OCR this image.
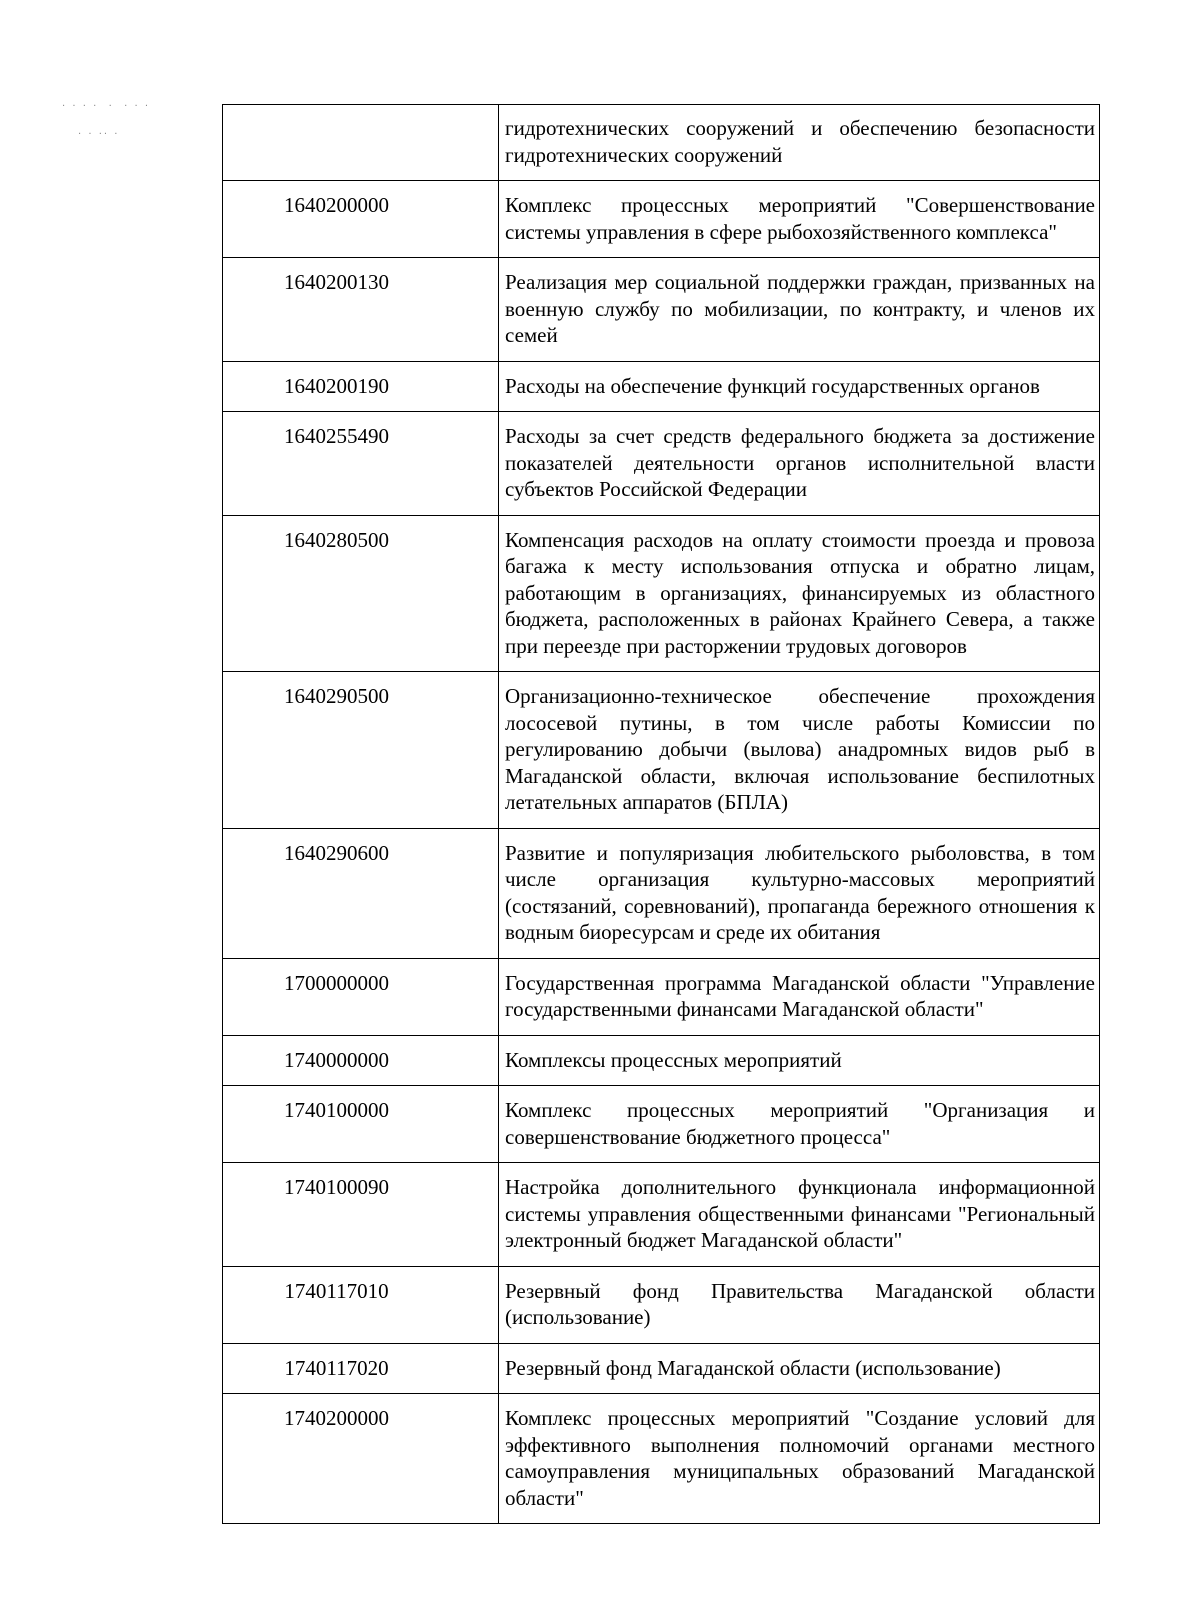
. . . .  .  . . .
. . .. .
		гидротехнических сооружений и обеспечению безопасности гидротехнических сооружений
1640200000	Комплекс процессных мероприятий "Совершенствование системы управления в сфере рыбохозяйственного комплекса"
1640200130	Реализация мер социальной поддержки граждан, призванных на военную службу по мобилизации, по контракту, и членов их семей
1640200190	Расходы на обеспечение функций государственных органов
1640255490	Расходы за счет средств федерального бюджета за достижение показателей деятельности органов исполнительной власти субъектов Российской Федерации
1640280500	Компенсация расходов на оплату стоимости проезда и провоза багажа к месту использования отпуска и обратно лицам, работающим в организациях, финансируемых из областного бюджета, расположенных в районах Крайнего Севера, а также при переезде при расторжении трудовых договоров
1640290500	Организационно-техническое обеспечение прохождения лососевой путины, в том числе работы Комиссии по регулированию добычи (вылова) анадромных видов рыб в Магаданской области, включая использование беспилотных летательных аппаратов (БПЛА)
1640290600	Развитие и популяризация любительского рыболовства, в том числе организация культурно-массовых мероприятий (состязаний, соревнований), пропаганда бережного отношения к водным биоресурсам и среде их обитания
1700000000	Государственная программа Магаданской области "Управление государственными финансами Магаданской области"
1740000000	Комплексы процессных мероприятий
1740100000	Комплекс процессных мероприятий "Организация и совершенствование бюджетного процесса"
1740100090	Настройка дополнительного функционала информационной системы управления общественными финансами "Региональный электронный бюджет Магаданской области"
1740117010	Резервный фонд Правительства Магаданской области (использование)
1740117020	Резервный фонд Магаданской области (использование)
1740200000	Комплекс процессных мероприятий "Создание условий для эффективного выполнения полномочий органами местного самоуправления муниципальных образований Магаданской области"
